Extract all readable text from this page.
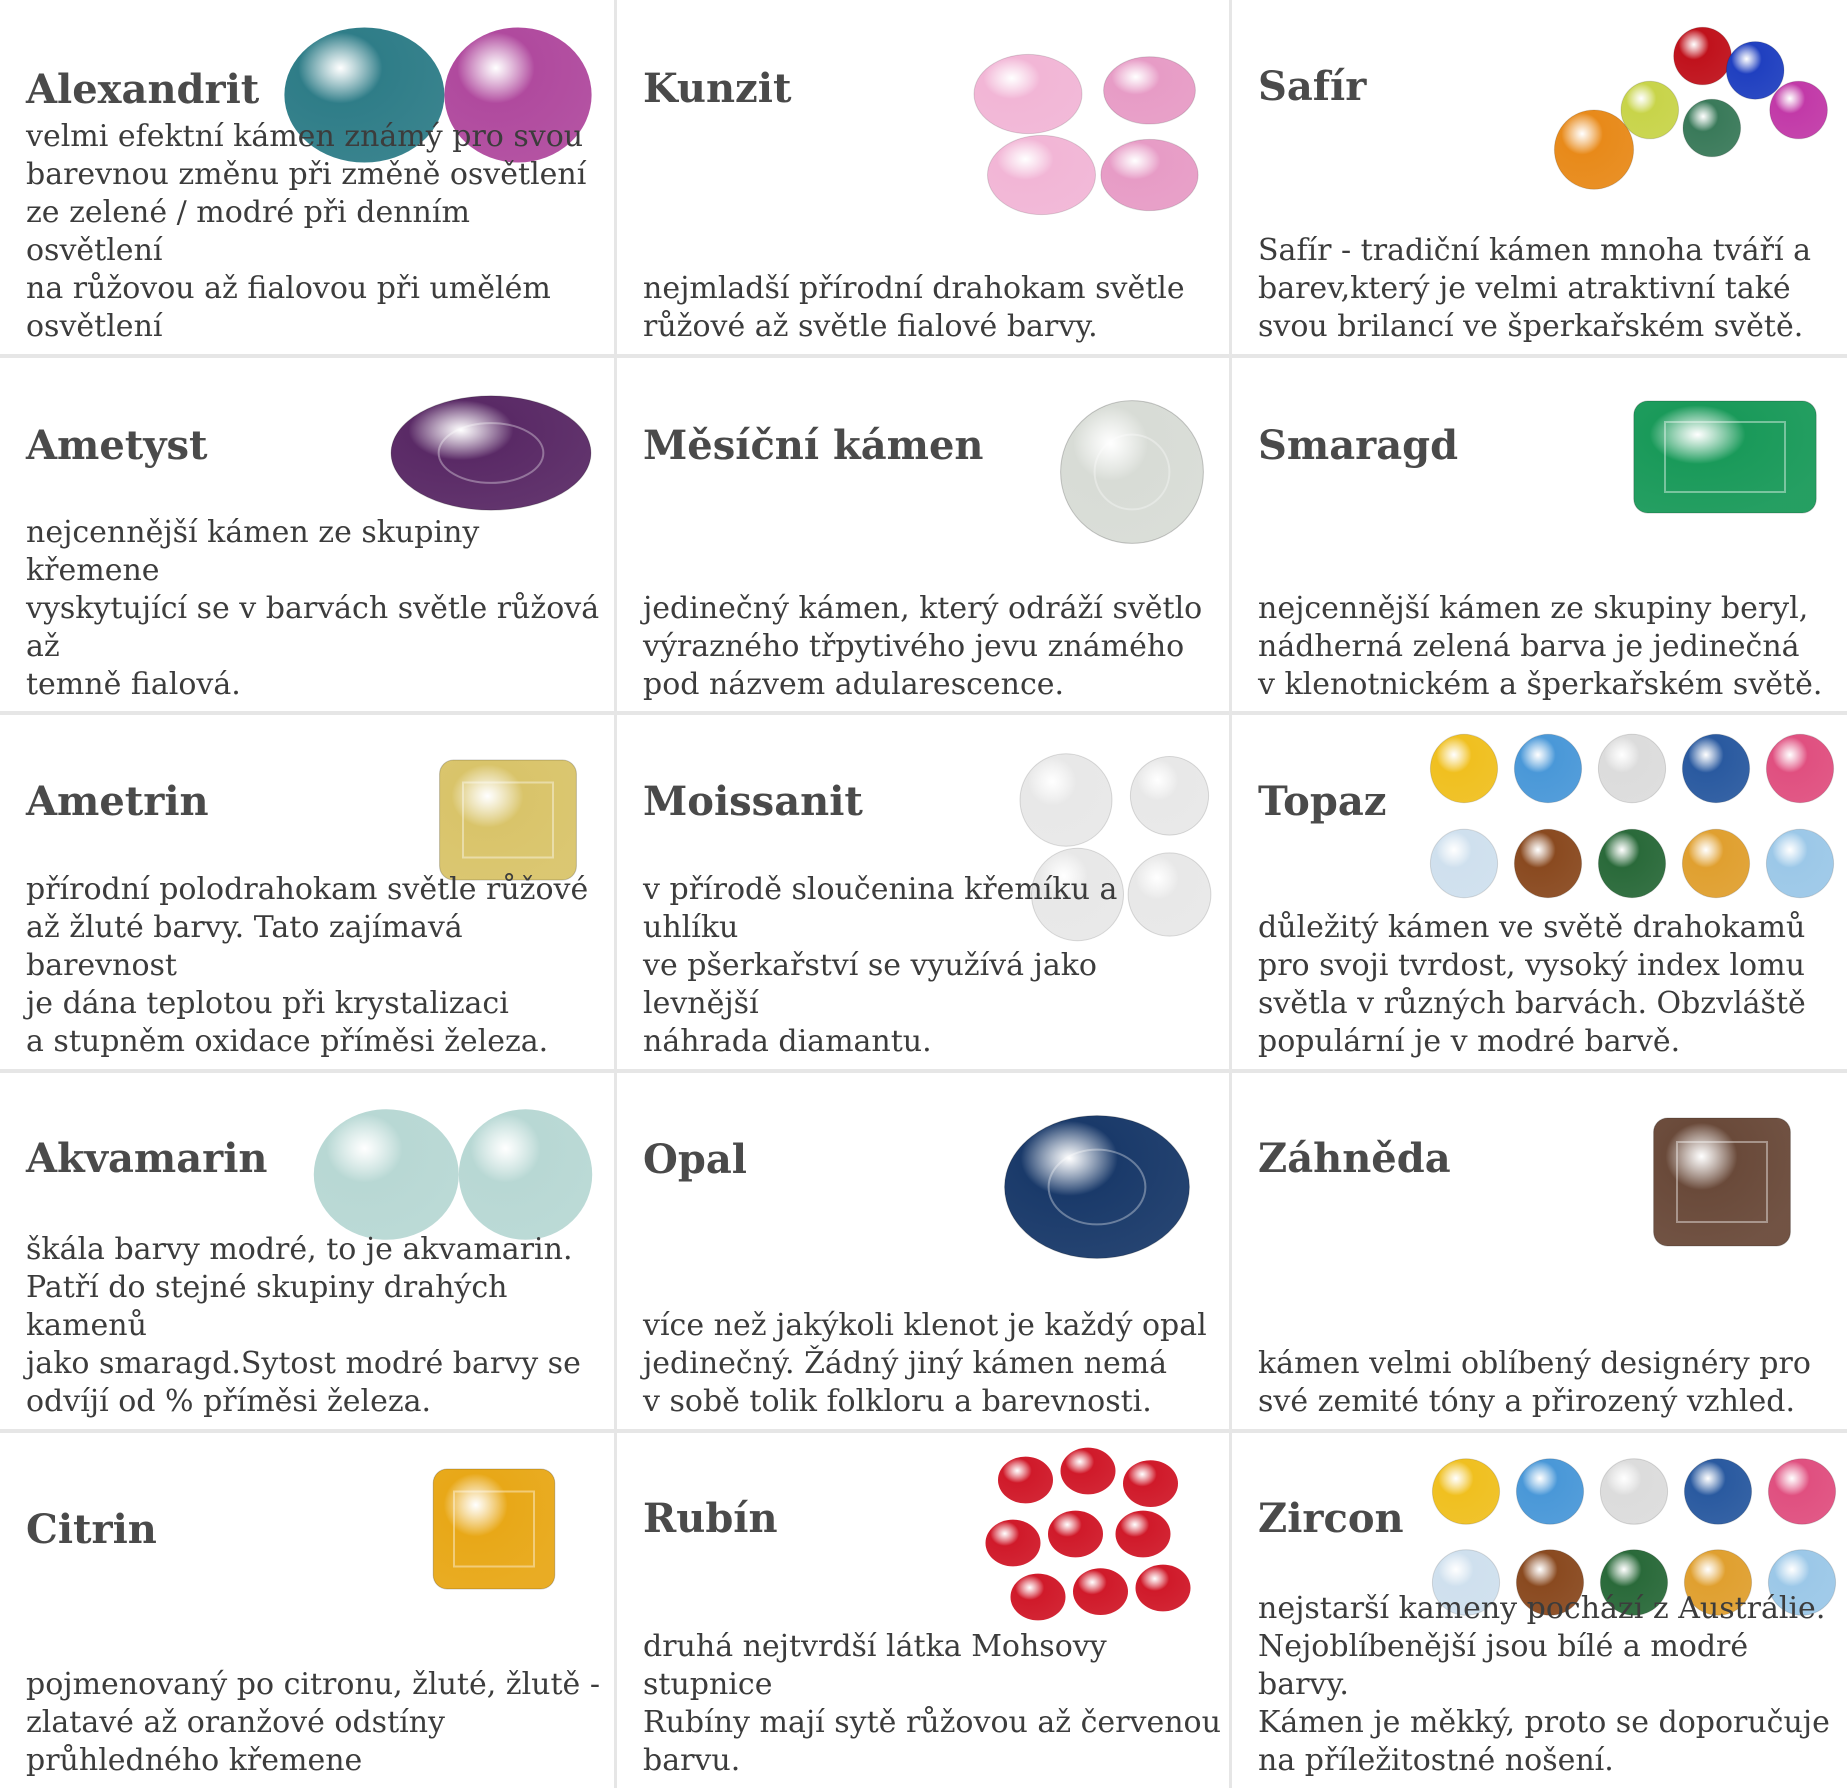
Alexandrit
velmi efektní kámen známý pro svou
barevnou změnu při změně osvětlení
ze zelené / modré při denním osvětlení
na růžovou až fialovou při umělém
osvětlení
Kunzit
nejmladší přírodní drahokam světle
růžové až světle fialové barvy.
Safír
Safír - tradiční kámen mnoha tváří a
barev,který je velmi atraktivní také
svou brilancí ve šperkařském světě.
Ametyst
nejcennější kámen ze skupiny křemene
vyskytující se v barvách světle růžová až
temně fialová.
Měsíční kámen
jedinečný kámen, který odráží světlo
výrazného třpytivého jevu známého
pod názvem adularescence.
Smaragd
nejcennější kámen ze skupiny beryl,
nádherná zelená barva je jedinečná
v klenotnickém a šperkařském světě.
Ametrin
přírodní polodrahokam světle růžové
až žluté barvy. Tato zajímavá barevnost
je dána teplotou při krystalizaci
a stupněm oxidace příměsi železa.
Moissanit
v přírodě sloučenina křemíku a uhlíku
ve pšerkařství se využívá jako levnější
náhrada diamantu.
Topaz
důležitý kámen ve světě drahokamů
pro svoji tvrdost, vysoký index lomu
světla v různých barvách. Obzvláště
populární je v modré barvě.
Akvamarin
škála barvy modré, to je akvamarin.
Patří do stejné skupiny drahých kamenů
jako smaragd.Sytost modré barvy se
odvíjí od % příměsi železa.
Opal
více než jakýkoli klenot je každý opal
jedinečný. Žádný jiný kámen nemá
v sobě tolik folkloru a barevnosti.
Záhněda
kámen velmi oblíbený designéry pro
své zemité tóny a přirozený vzhled.
Citrin
pojmenovaný po citronu, žluté, žlutě -
zlatavé až oranžové odstíny
průhledného křemene
Rubín
druhá nejtvrdší látka Mohsovy stupnice
Rubíny mají sytě růžovou až červenou
barvu.
Zircon
nejstarší kameny pochází z Austrálie.
Nejoblíbenější jsou bílé a modré barvy.
Kámen je měkký, proto se doporučuje
na příležitostné nošení.
